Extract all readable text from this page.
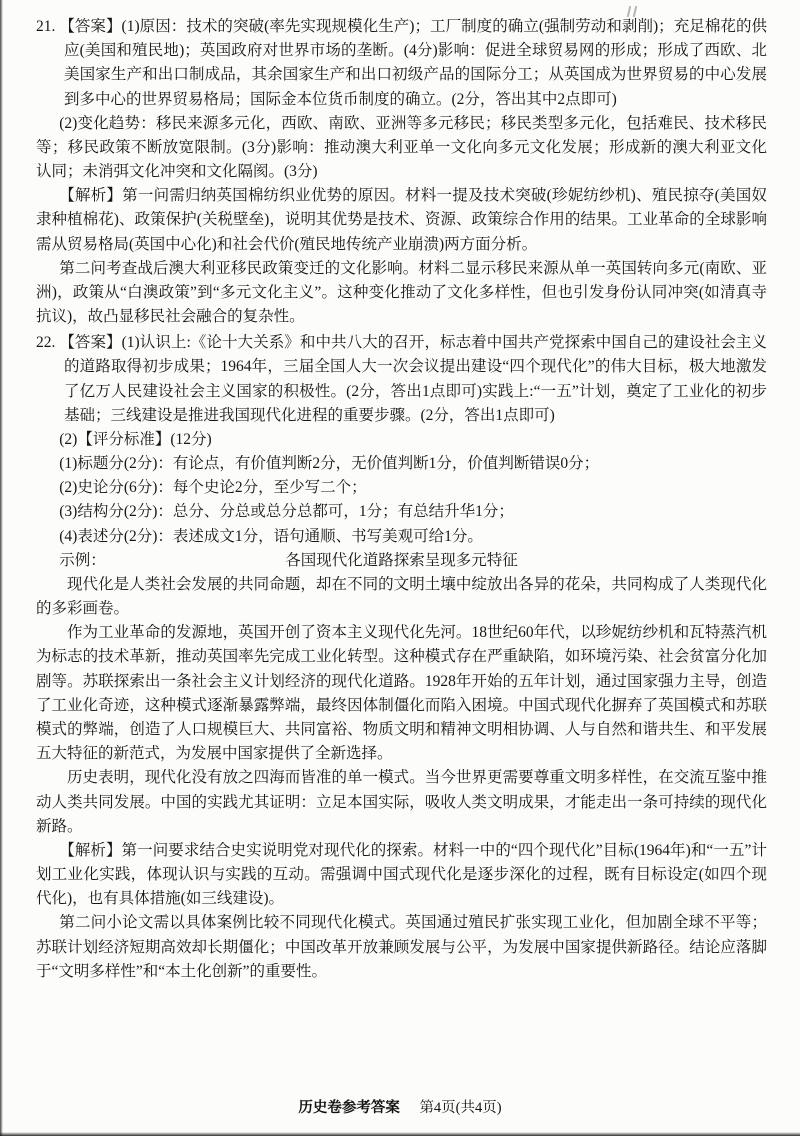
21. 【答案】(1)原因：技术的突破(率先实现规模化生产)；工厂制度的确立(强制劳动和剥削)；充足棉花的供应(美国和殖民地)；英国政府对世界市场的垄断。(4分)影响：促进全球贸易网的形成；形成了西欧、北美国家生产和出口制成品，其余国家生产和出口初级产品的国际分工；从英国成为世界贸易的中心发展到多中心的世界贸易格局；国际金本位货币制度的确立。(2分，答出其中2点即可)

(2)变化趋势：移民来源多元化，西欧、南欧、亚洲等多元移民；移民类型多元化，包括难民、技术移民等；移民政策不断放宽限制。(3分)影响：推动澳大利亚单一文化向多元文化发展；形成新的澳大利亚文化认同；未消弭文化冲突和文化隔阂。(3分)

【解析】第一问需归纳英国棉纺织业优势的原因。材料一提及技术突破(珍妮纺纱机)、殖民掠夺(美国奴隶种植棉花)、政策保护(关税壁垒)，说明其优势是技术、资源、政策综合作用的结果。工业革命的全球影响需从贸易格局(英国中心化)和社会代价(殖民地传统产业崩溃)两方面分析。

第二问考查战后澳大利亚移民政策变迁的文化影响。材料二显示移民来源从单一英国转向多元(南欧、亚洲)，政策从“白澳政策”到“多元文化主义”。这种变化推动了文化多样性，但也引发身份认同冲突(如清真寺抗议)，故凸显移民社会融合的复杂性。

22. 【答案】(1)认识上:《论十大关系》和中共八大的召开，标志着中国共产党探索中国自己的建设社会主义的道路取得初步成果；1964年，三届全国人大一次会议提出建设“四个现代化”的伟大目标，极大地激发了亿万人民建设社会主义国家的积极性。(2分，答出1点即可)实践上:“一五”计划，奠定了工业化的初步基础；三线建设是推进我国现代化进程的重要步骤。(2分，答出1点即可)

(2)【评分标准】(12分)

(1)标题分(2分)：有论点，有价值判断2分，无价值判断1分，价值判断错误0分；

(2)史论分(6分)：每个史论2分，至少写二个；

(3)结构分(2分)：总分、分总或总分总都可，1分；有总结升华1分；

(4)表述分(2分)：表述成文1分，语句通顺、书写美观可给1分。

示例：	各国现代化道路探索呈现多元特征

现代化是人类社会发展的共同命题，却在不同的文明土壤中绽放出各异的花朵，共同构成了人类现代化的多彩画卷。

作为工业革命的发源地，英国开创了资本主义现代化先河。18世纪60年代，以珍妮纺纱机和瓦特蒸汽机为标志的技术革新，推动英国率先完成工业化转型。这种模式存在严重缺陷，如环境污染、社会贫富分化加剧等。苏联探索出一条社会主义计划经济的现代化道路。1928年开始的五年计划，通过国家强力主导，创造了工业化奇迹，这种模式逐渐暴露弊端，最终因体制僵化而陷入困境。中国式现代化摒弃了英国模式和苏联模式的弊端，创造了人口规模巨大、共同富裕、物质文明和精神文明相协调、人与自然和谐共生、和平发展五大特征的新范式，为发展中国家提供了全新选择。

历史表明，现代化没有放之四海而皆准的单一模式。当今世界更需要尊重文明多样性，在交流互鉴中推动人类共同发展。中国的实践尤其证明：立足本国实际，吸收人类文明成果，才能走出一条可持续的现代化新路。

【解析】第一问要求结合史实说明党对现代化的探索。材料一中的“四个现代化”目标(1964年)和“一五”计划工业化实践，体现认识与实践的互动。需强调中国式现代化是逐步深化的过程，既有目标设定(如四个现代化)，也有具体措施(如三线建设)。

第二问小论文需以具体案例比较不同现代化模式。英国通过殖民扩张实现工业化，但加剧全球不平等；苏联计划经济短期高效却长期僵化；中国改革开放兼顾发展与公平，为发展中国家提供新路径。结论应落脚于“文明多样性”和“本土化创新”的重要性。

历史卷参考答案 第4页(共4页)
